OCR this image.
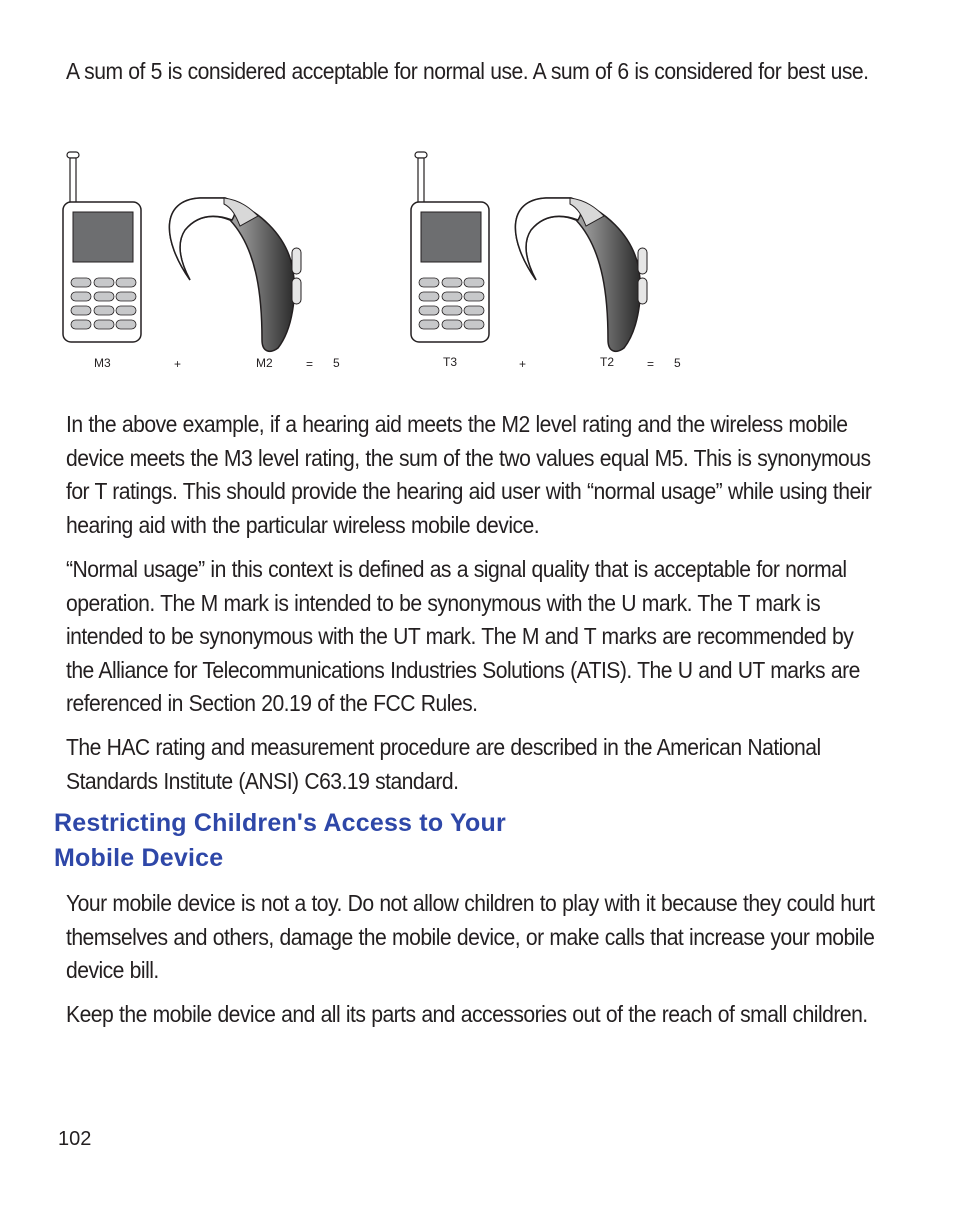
A sum of 5 is considered acceptable for normal use. A sum of 6 is considered for best use.

M3	+	M2	= 5	T3	+	T2	= 5

In the above example, if a hearing aid meets the M2 level rating and the wireless mobile device meets the M3 level rating, the sum of the two values equal M5. This is synonymous for T ratings. This should provide the hearing aid user with “normal usage” while using their hearing aid with the particular wireless mobile device.

“Normal usage” in this context is defined as a signal quality that is acceptable for normal operation. The M mark is intended to be synonymous with the U mark. The T mark is intended to be synonymous with the UT mark. The M and T marks are recommended by the Alliance for Telecommunications Industries Solutions (ATIS). The U and UT marks are referenced in Section 20.19 of the FCC Rules.

The HAC rating and measurement procedure are described in the American National Standards Institute (ANSI) C63.19 standard.

Restricting Children's Access to Your
Mobile Device

Your mobile device is not a toy. Do not allow children to play with it because they could hurt themselves and others, damage the mobile device, or make calls that increase your mobile device bill.

Keep the mobile device and all its parts and accessories out of the reach of small children.

102
